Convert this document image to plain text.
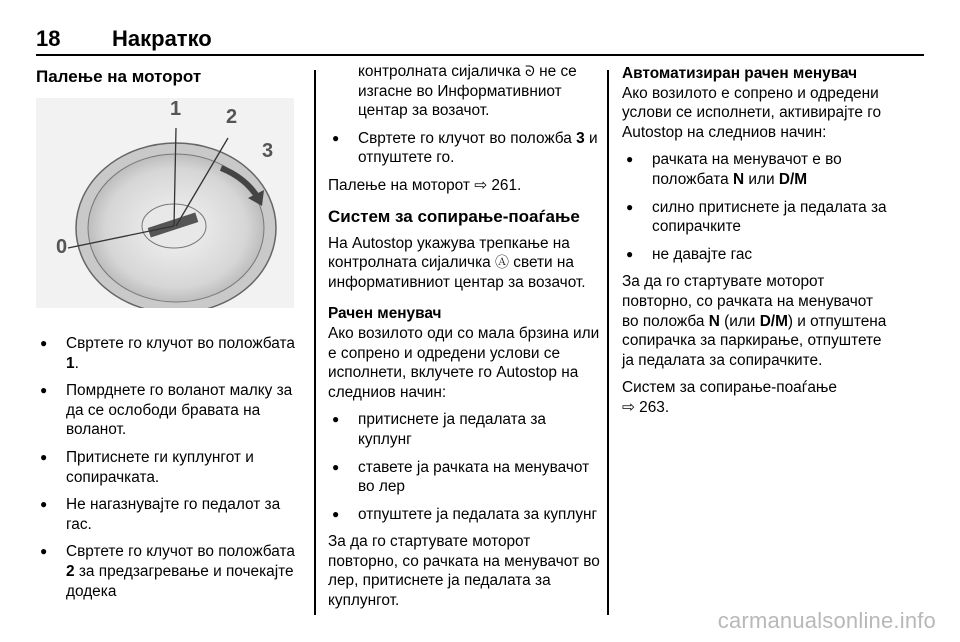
18 Накратко
Палење на моторот
0
1 2
3
● Свртете го клучот во положбата 1.
● Помрднете го воланот малку за да се ослободи бравата на воланот.
● Притиснете ги куплунгот и сопирачката.
● Не нагазнувајте го педалот за гас.
● Свртете го клучот во положбата 2 за предзагревање и почекајте додека

контролната сијаличка ᘐ не се изгасне во Информативниот центар за возачот.

● Свртете го клучот во положба 3 и отпуштете го.

Палење на моторот ⇨ 261.

Систем за сопирање-поаѓање

На Autostop укажува трепкање на контролната сијаличка Ⓐ свети на информативниот центар за возачот.

Рачен менувач

Ако возилото оди со мала брзина или е сопрено и одредени услови се исполнети, вклучете го Autostop на следниов начин:

● притиснете ја педалата за куплунг
● ставете ја рачката на менувачот во лер
● отпуштете ја педалата за куплунг

За да го стартувате моторот повторно, со рачката на менувачот во лер, притиснете ја педалата за куплунгот.

Автоматизиран рачен менувач

Ако возилото е сопрено и одредени услови се исполнети, активирајте го Autostop на следниов начин:

● рачката на менувачот е во положбата N или D/M
● силно притиснете ја педалата за сопирачките
● не давајте гас

За да го стартувате моторот повторно, со рачката на менувачот во положба N (или D/M) и отпуштена сопирачка за паркирање, отпуштете ја педалата за сопирачките.

Систем за сопирање-поаѓање
⇨ 263.

carmanualsonline.info
